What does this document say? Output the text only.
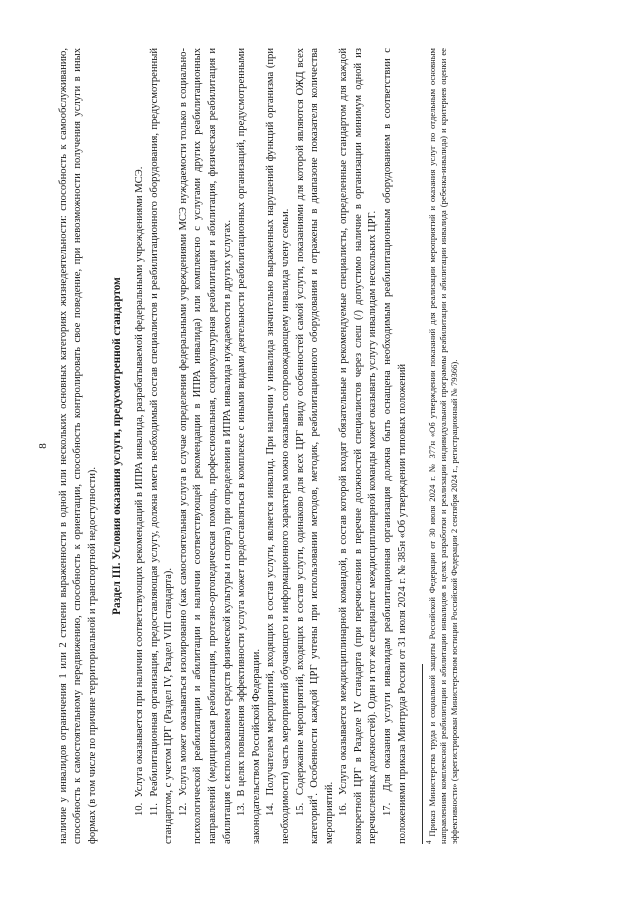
8 наличие у инвалидов ограничения 1 или 2 степени выраженности в одной или нескольких основных категориях жизнедеятельности: способность к самообслуживанию, способность к самостоятельному передвижению, способность к ориентации, способность контролировать свое поведение, при невозможности получения услуги в иных формах (в том числе по причине территориальной и транспортной недоступности).

Раздел III. Условия оказания услуги, предусмотренной стандартом

10.  Услуга оказывается при наличии соответствующих рекомендаций в ИПРА инвалида, разрабатываемой федеральными учреждениями МСЭ.

11.  Реабилитационная организация, предоставляющая услугу, должна иметь необходимый состав специалистов и реабилитационного оборудования, предусмотренный стандартом, с учетом ЦРГ (Раздел IV, Раздел VIII стандарта). 12.  Услуга может оказываться изолированно (как самостоятельная услуга в случае определения федеральными учреждениями МСЭ нуждаемости только в социально-психологической реабилитации и абилитации и наличии соответствующей рекомендации в ИПРА инвалида) или комплексно с услугами других реабилитационных направлений (медицинская реабилитация, протезно-ортопедическая помощь, профессиональная, социокультурная реабилитация и абилитация, физическая реабилитация и абилитация с использованием средств физической культуры и спорта) при определении в ИПРА инвалида нуждаемости в других услугах. 13.  В целях повышения эффективности услуга может предоставляться в комплексе с иными видами деятельности реабилитационных организаций, предусмотренными законодательством Российской Федерации. 14.  Получателем мероприятий, входящих в состав услуги, является инвалид. При наличии у инвалида значительно выраженных нарушений функций организма (при необходимости) часть мероприятий обучающего и информационного характера можно оказывать сопровождающему инвалида члену семьи. 15.  Содержание мероприятий, входящих в состав услуги, одинаково для всех ЦРГ ввиду особенностей самой услуги, показаниями для которой являются ОЖД всех категорий$^4$. Особенности каждой ЦРГ учтены при использовании методов, методик, реабилитационного оборудования и отражены в диапазоне показателя количества мероприятий. 16.  Услуга оказывается междисциплинарной командой, в состав которой входят обязательные и рекомендуемые специалисты, определенные стандартом для каждой конкретной ЦРГ в Разделе IV стандарта (при перечислении в перечне должностей специалистов через слеш (/) допустимо наличие в организации минимум одной из перечисленных должностей). Один и тот же специалист междисциплинарной команды может оказывать услугу инвалидам нескольких ЦРГ. 17.  Для оказания услуги инвалидам реабилитационная организация должна быть оснащена необходимым реабилитационным оборудованием в соответствии с положениями приказа Минтруда России от 31 июля 2024 г. № 385н «Об утверждении типовых положений	$^4$ Приказ Министерства труда и социальной защиты Российской Федерации от 30 июля 2024 г. № 377н «Об утверждении показаний для реализации мероприятий и оказания услуг по отдельным основным направлениям комплексной реабилитации и абилитации инвалидов в целях разработки и реализации индивидуальной программы реабилитации и абилитации инвалида (ребенка-инвалида) и критериев оценки ее эффективности» (зарегистрирован Министерством юстиции Российской Федерации 2 сентября 2024 г., регистрационный № 79366).
